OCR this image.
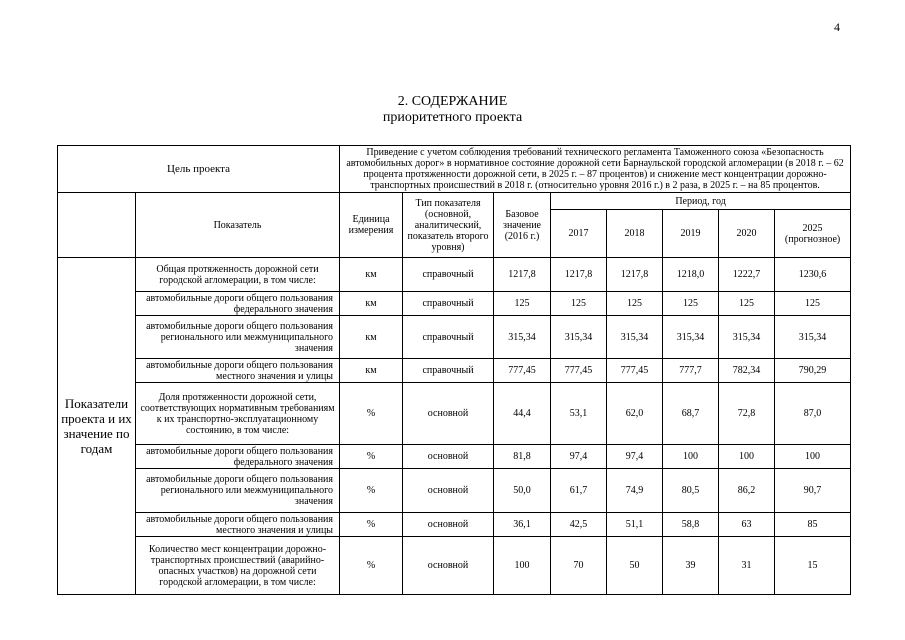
4
2. СОДЕРЖАНИЕ
приоритетного проекта
Цель проекта		Приведение с учетом соблюдения требований технического регламента Таможенного союза «Безопасность автомобильных дорог» в нормативное состояние дорожной сети Барнаульской городской агломерации (в 2018 г. – 62 процента протяженности дорожной сети, в 2025 г. – 87 процентов) и снижение мест концентрации дорожно-транспортных происшествий в 2018 г. (относительно уровня 2016 г.) в 2 раза, в 2025 г. – на 85 процентов.							
	Показатель	Единица измерения	Тип показателя (основной, аналитический, показатель второго уровня)	Базовое значение (2016 г.)	Период, год				
					2017	2018	2019	2020	2025 (прогнозное)
Показатели проекта и их значение по годам	Общая протяженность дорожной сети городской агломерации, в том числе:	км	справочный	1217,8	1217,8	1217,8	1218,0	1222,7	1230,6
	автомобильные дороги общего пользования федерального значения	км	справочный	125	125	125	125	125	125
	автомобильные дороги общего пользования регионального или межмуниципального значения	км	справочный	315,34	315,34	315,34	315,34	315,34	315,34
	автомобильные дороги общего пользования местного значения и улицы	км	справочный	777,45	777,45	777,45	777,7	782,34	790,29
	Доля протяженности дорожной сети, соответствующих нормативным требованиям к их транспортно-эксплуатационному состоянию, в том числе:	%	основной	44,4	53,1	62,0	68,7	72,8	87,0
	автомобильные дороги общего пользования федерального значения	%	основной	81,8	97,4	97,4	100	100	100
	автомобильные дороги общего пользования регионального или межмуниципального значения	%	основной	50,0	61,7	74,9	80,5	86,2	90,7
	автомобильные дороги общего пользования местного значения и улицы	%	основной	36,1	42,5	51,1	58,8	63	85
	Количество мест концентрации дорожно-транспортных происшествий (аварийно-опасных участков) на дорожной сети городской агломерации, в том числе:	%	основной	100	70	50	39	31	15
